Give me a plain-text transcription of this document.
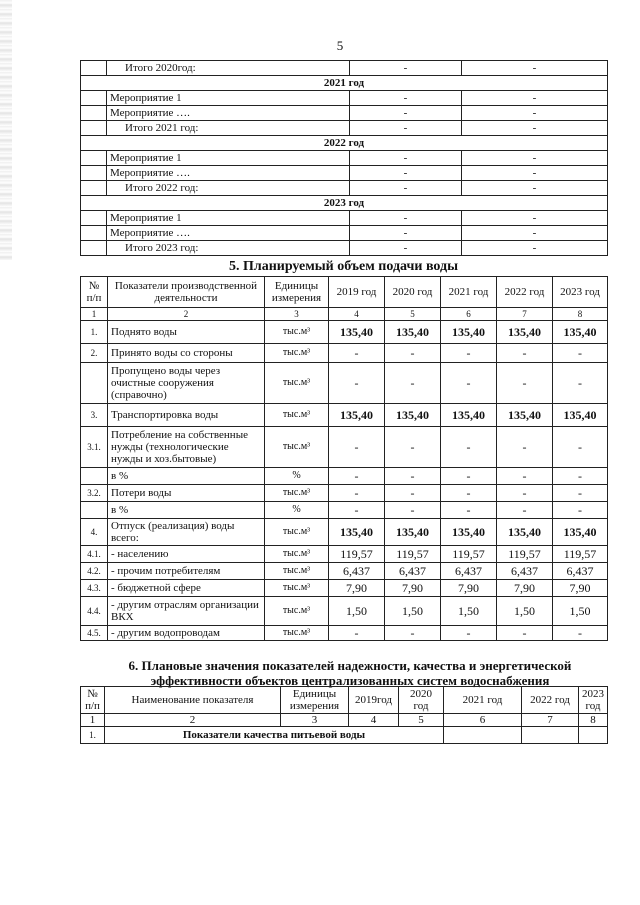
5
	Итого 2020год:	-	-
2021 год			
	Мероприятие 1	-	-
	Мероприятие ….	-	-
	Итого 2021 год:	-	-
2022 год			
	Мероприятие 1	-	-
	Мероприятие ….	-	-
	Итого 2022 год:	-	-
2023 год			
	Мероприятие 1	-	-
	Мероприятие ….	-	-
	Итого 2023 год:	-	-
5. Планируемый объем подачи воды
№ п/п	Показатели производственной деятельности	Единицы измерения	2019 год	2020 год	2021 год	2022 год	2023 год
1	2	3	4	5	6	7	8
1.	Поднято воды	тыс.м³	135,40	135,40	135,40	135,40	135,40
2.	Принято воды со стороны	тыс.м³	-	-	-	-	-
	Пропущено воды через очистные сооружения (справочно)	тыс.м³	-	-	-	-	-
3.	Транспортировка воды	тыс.м³	135,40	135,40	135,40	135,40	135,40
3.1.	Потребление на собственные нужды (технологические нужды и хоз.бытовые)	тыс.м³	-	-	-	-	-
	в %	%	-	-	-	-	-
3.2.	Потери воды	тыс.м³	-	-	-	-	-
	в %	%	-	-	-	-	-
4.	Отпуск (реализация) воды всего:	тыс.м³	135,40	135,40	135,40	135,40	135,40
4.1.	- населению	тыс.м³	119,57	119,57	119,57	119,57	119,57
4.2.	- прочим потребителям	тыс.м³	6,437	6,437	6,437	6,437	6,437
4.3.	- бюджетной сфере	тыс.м³	7,90	7,90	7,90	7,90	7,90
4.4.	- другим отраслям организации ВКХ	тыс.м³	1,50	1,50	1,50	1,50	1,50
4.5.	- другим водопроводам	тыс.м³	-	-	-	-	-
6. Плановые значения показателей надежности, качества и энергетической эффективности объектов централизованных систем водоснабжения
№ п/п	Наименование показателя	Единицы измерения	2019год	2020 год	2021 год	2022 год	2023 год
1	2	3	4	5	6	7	8
1.	Показатели качества питьевой воды						
